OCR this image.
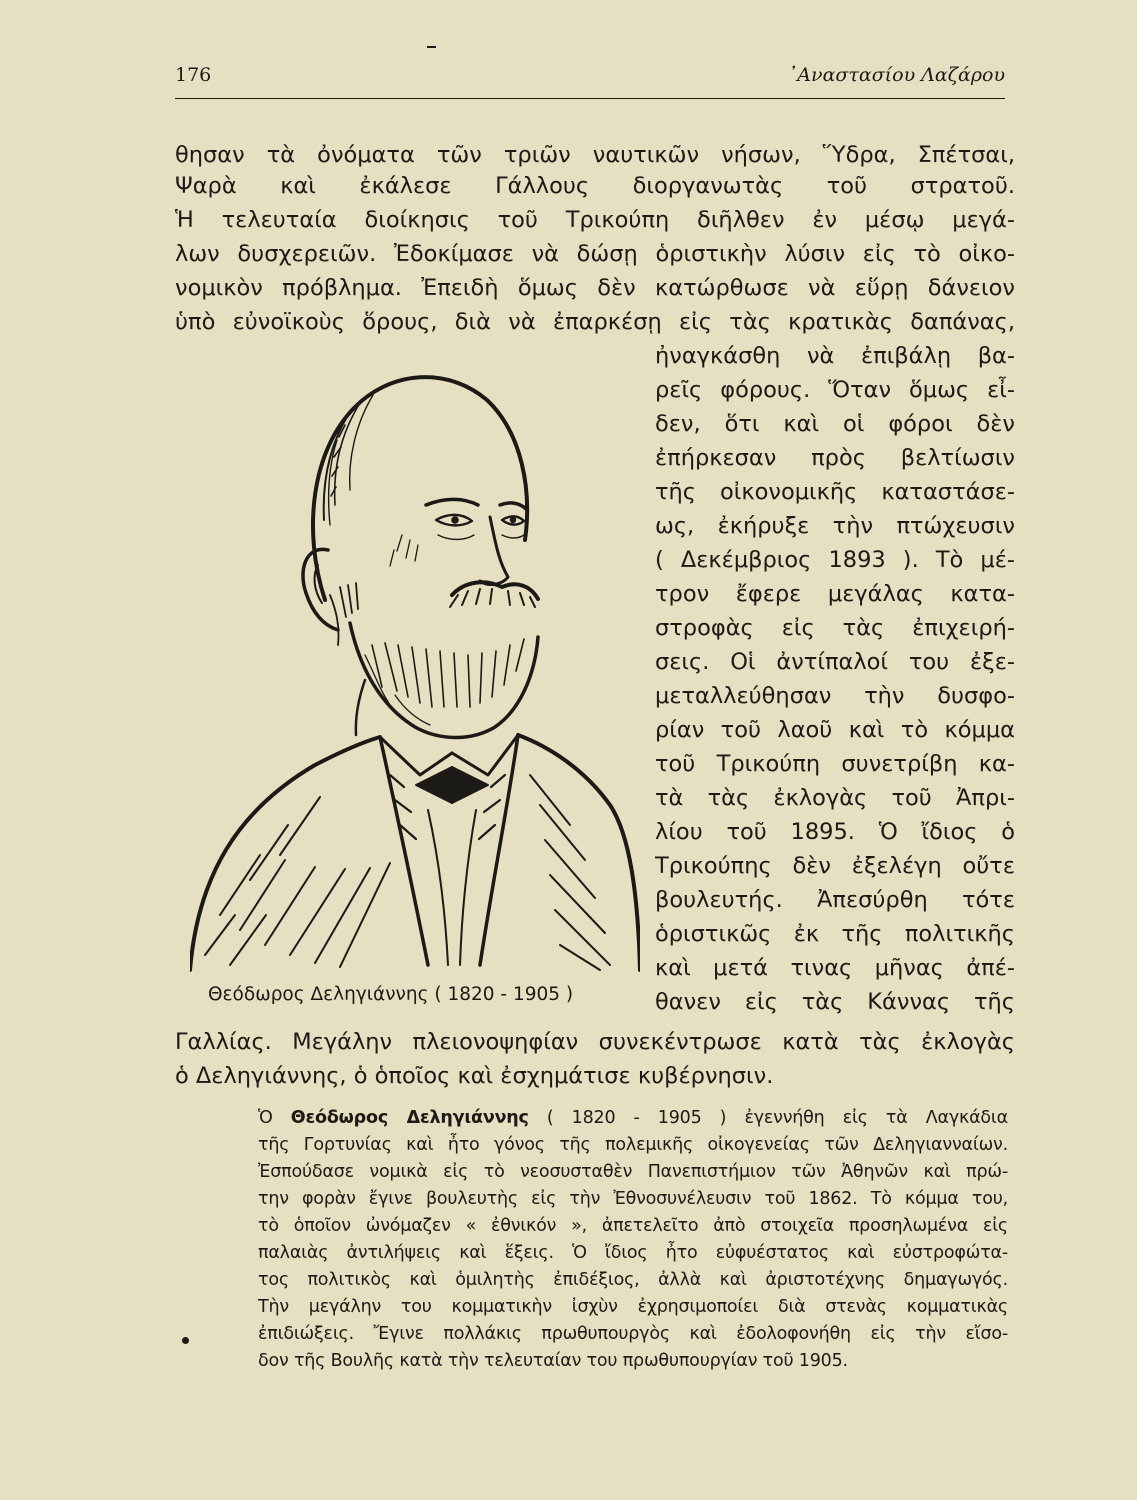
176	᾿Αναστασίου Λαζάρου
θησαν τὰ ὀνόματα τῶν τριῶν ναυτικῶν νήσων, Ὕδρα, Σπέτσαι,
Ψαρὰ καὶ ἐκάλεσε Γάλλους διοργανωτὰς τοῦ στρατοῦ.
Ἡ τελευταία διοίκησις τοῦ Τρικούπη διῆλθεν ἐν μέσῳ μεγά-
λων δυσχερειῶν. Ἐδοκίμασε νὰ δώσῃ ὁριστικὴν λύσιν εἰς τὸ οἰκο-
νομικὸν πρόβλημα. Ἐπειδὴ ὅμως δὲν κατώρθωσε νὰ εὕρῃ δάνειον
ὑπὸ εὐνοϊκοὺς ὅρους, διὰ νὰ ἐπαρκέσῃ εἰς τὰς κρατικὰς δαπάνας,
ἠναγκάσθη νὰ ἐπιβάλῃ βα-
ρεῖς φόρους. Ὅταν ὅμως εἶ-
δεν, ὅτι καὶ οἱ φόροι δὲν
ἐπήρκεσαν πρὸς βελτίωσιν
τῆς οἰκονομικῆς καταστάσε-
ως, ἐκήρυξε τὴν πτώχευσιν
( Δεκέμβριος 1893 ). Τὸ μέ-
τρον ἔφερε μεγάλας κατα-
στροφὰς εἰς τὰς ἐπιχειρή-
σεις. Οἱ ἀντίπαλοί του ἐξε-
μεταλλεύθησαν τὴν δυσφο-
ρίαν τοῦ λαοῦ καὶ τὸ κόμμα
τοῦ Τρικούπη συνετρίβη κα-
τὰ τὰς ἐκλογὰς τοῦ Ἀπρι-
λίου τοῦ 1895. Ὁ ἴδιος ὁ
Τρικούπης δὲν ἐξελέγη οὔτε
βουλευτής. Ἀπεσύρθη τότε
ὁριστικῶς ἐκ τῆς πολιτικῆς
καὶ μετά τινας μῆνας ἀπέ-
θανεν εἰς τὰς Κάννας τῆς
Θεόδωρος Δεληγιάννης ( 1820 - 1905 )
Γαλλίας. Μεγάλην πλειονοψηφίαν συνεκέντρωσε κατὰ τὰς ἐκλογὰς
ὁ Δεληγιάννης, ὁ ὁποῖος καὶ ἐσχημάτισε κυβέρνησιν.
Ὁ Θεόδωρος Δεληγιάννης ( 1820 - 1905 ) ἐγεννήθη εἰς τὰ Λαγκάδια
τῆς Γορτυνίας καὶ ἦτο γόνος τῆς πολεμικῆς οἰκογενείας τῶν Δεληγιανναίων.
Ἐσπούδασε νομικὰ εἰς τὸ νεοσυσταθὲν Πανεπιστήμιον τῶν Ἀθηνῶν καὶ πρώ-
την φορὰν ἔγινε βουλευτὴς εἰς τὴν Ἐθνοσυνέλευσιν τοῦ 1862. Τὸ κόμμα του,
τὸ ὁποῖον ὠνόμαζεν « ἐθνικόν », ἀπετελεῖτο ἀπὸ στοιχεῖα προσηλωμένα εἰς
παλαιὰς ἀντιλήψεις καὶ ἕξεις. Ὁ ἴδιος ἦτο εὐφυέστατος καὶ εὐστροφώτα-
τος πολιτικὸς καὶ ὁμιλητὴς ἐπιδέξιος, ἀλλὰ καὶ ἀριστοτέχνης δημαγωγός.
Τὴν μεγάλην του κομματικὴν ἰσχὺν ἐχρησιμοποίει διὰ στενὰς κομματικὰς
ἐπιδιώξεις. Ἔγινε πολλάκις πρωθυπουργὸς καὶ ἐδολοφονήθη εἰς τὴν εἴσο-
δον τῆς Βουλῆς κατὰ τὴν τελευταίαν του πρωθυπουργίαν τοῦ 1905.
